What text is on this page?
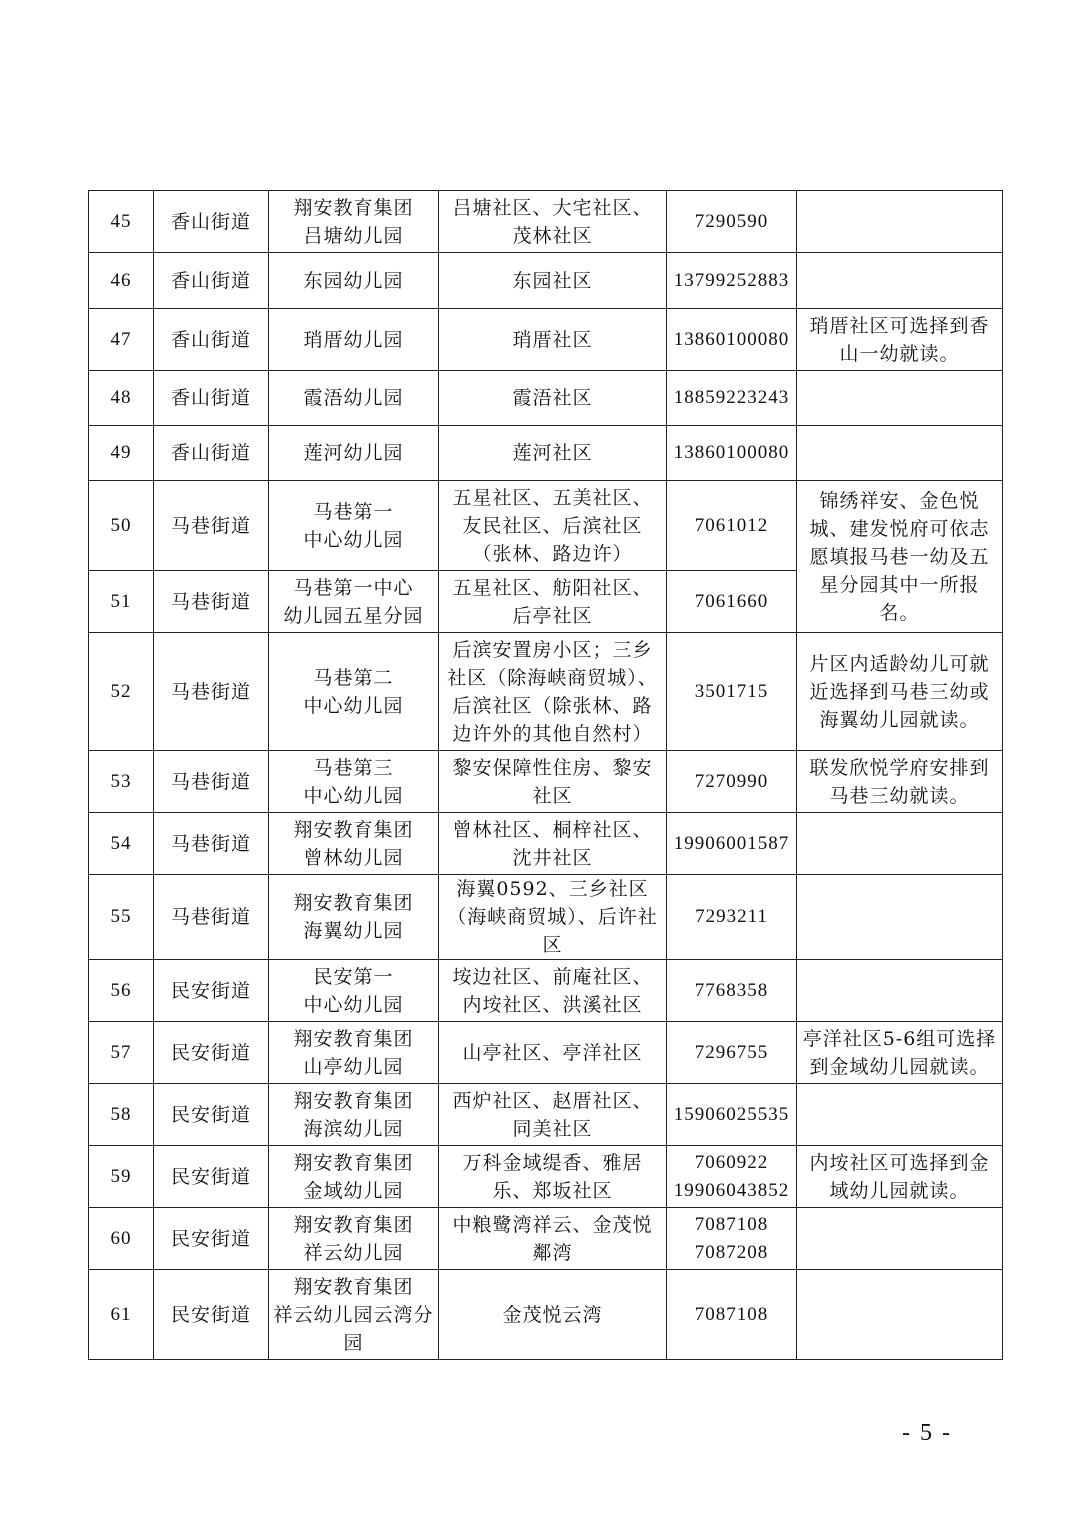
45	香山街道	翔安教育集团
吕塘幼儿园	吕塘社区、大宅社区、茂林社区	7290590	

46	香山街道	东园幼儿园	东园社区	13799252883	

47	香山街道	琑厝幼儿园	琑厝社区	13860100080	琑厝社区可选择到香山一幼就读。
48	香山街道	霞浯幼儿园	霞浯社区	18859223243	

49	香山街道	莲河幼儿园	莲河社区	13860100080	

50	马巷街道	马巷第一
中心幼儿园	五星社区、五美社区、友民社区、后滨社区（张林、路边许）	7061012	锦绣祥安、金色悦城、建发悦府可依志愿填报马巷一幼及五星分园其中一所报名。
51	马巷街道	马巷第一中心
幼儿园五星分园	五星社区、舫阳社区、后亭社区	7061660	

52	马巷街道	马巷第二
中心幼儿园	后滨安置房小区；三乡社区（除海峡商贸城）、后滨社区（除张林、路边许外的其他自然村）	3501715	片区内适龄幼儿可就近选择到马巷三幼或海翼幼儿园就读。
53	马巷街道	马巷第三
中心幼儿园	黎安保障性住房、黎安社区	7270990	联发欣悦学府安排到马巷三幼就读。
54	马巷街道	翔安教育集团
曾林幼儿园	曾林社区、桐梓社区、沈井社区	19906001587	

55	马巷街道	翔安教育集团
海翼幼儿园	海翼0592、三乡社区（海峡商贸城）、后许社区	7293211	

56	民安街道	民安第一
中心幼儿园	垵边社区、前庵社区、内垵社区、洪溪社区	7768358	

57	民安街道	翔安教育集团
山亭幼儿园	山亭社区、亭洋社区	7296755	亭洋社区5-6组可选择到金域幼儿园就读。
58	民安街道	翔安教育集团
海滨幼儿园	西炉社区、赵厝社区、同美社区	15906025535	

59	民安街道	翔安教育集团
金域幼儿园	万科金域缇香、雅居乐、郑坂社区	7060922
19906043852	内垵社区可选择到金域幼儿园就读。
60	民安街道	翔安教育集团
祥云幼儿园	中粮鹭湾祥云、金茂悦鄰湾	7087108
7087208	

61	民安街道	翔安教育集团
祥云幼儿园云湾分
园	金茂悦云湾	7087108	

- 5 -
